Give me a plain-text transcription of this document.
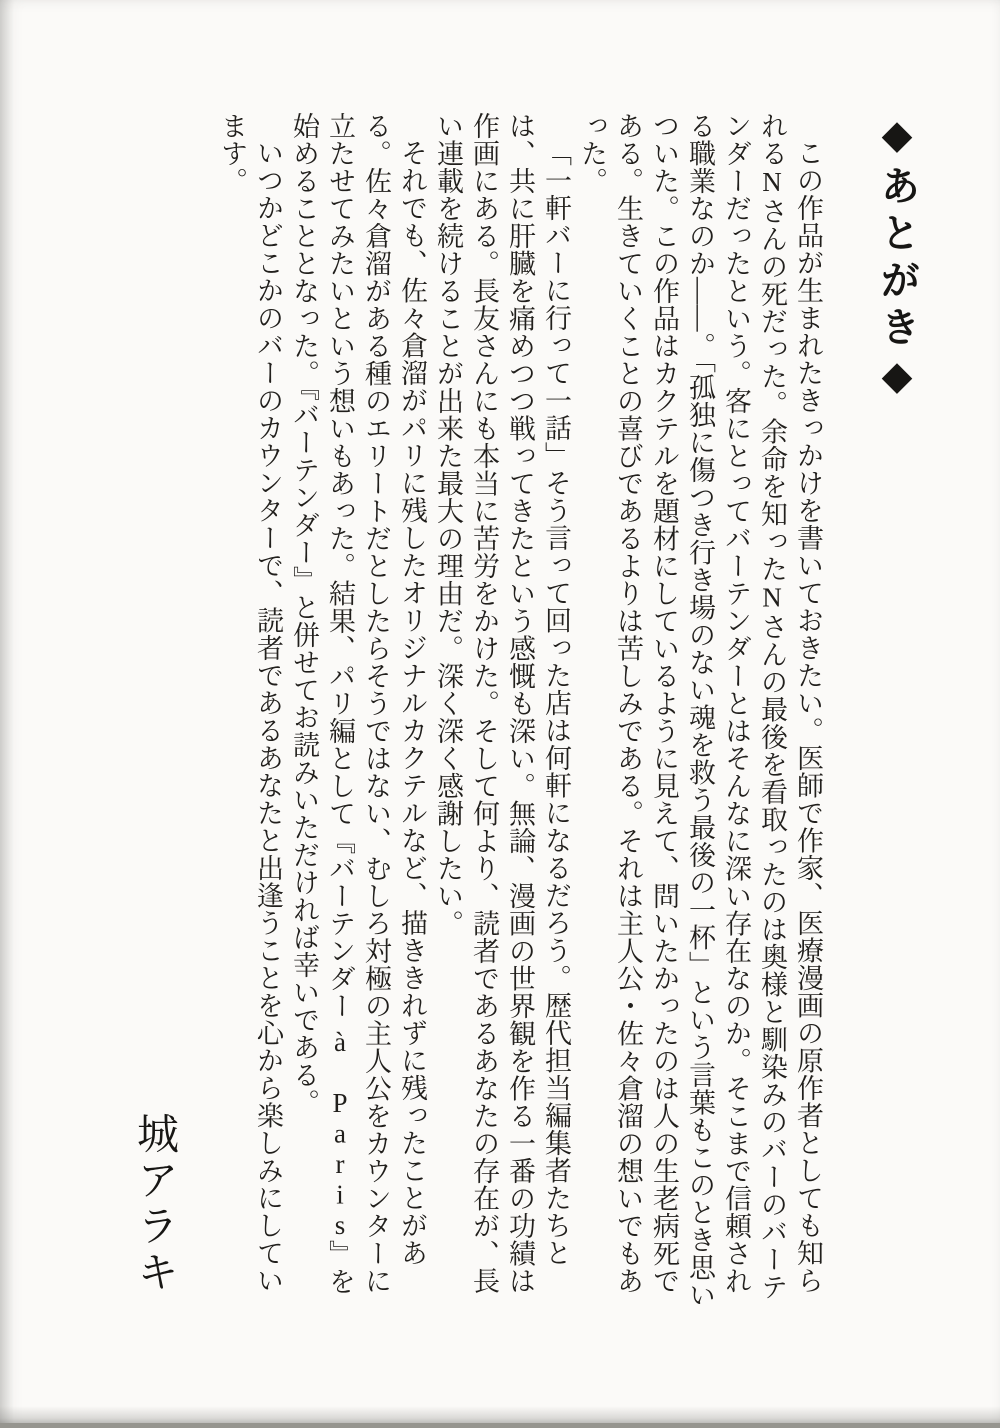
◆あとがき◆

この作品が生まれたきっかけを書いておきたい。医師で作家、医療漫画の原作者としても知られるNさんの死だった。余命を知ったNさんの最後を看取ったのは奥様と馴染みのバーのバーテンダーだったという。客にとってバーテンダーとはそんなに深い存在なのか。そこまで信頼される職業なのか――。「孤独に傷つき行き場のない魂を救う最後の一杯」という言葉もこのとき思いついた。この作品はカクテルを題材にしているように見えて、問いたかったのは人の生老病死である。生きていくことの喜びであるよりは苦しみである。それは主人公・佐々倉溜の想いでもあった。

「一軒バーに行って一話」そう言って回った店は何軒になるだろう。歴代担当編集者たちとは、共に肝臓を痛めつつ戦ってきたという感慨も深い。無論、漫画の世界観を作る一番の功績は作画にある。長友さんにも本当に苦労をかけた。そして何より、読者であるあなたの存在が、長い連載を続けることが出来た最大の理由だ。深く深く感謝したい。

それでも、佐々倉溜がパリに残したオリジナルカクテルなど、描ききれずに残ったことがある。佐々倉溜がある種のエリートだとしたらそうではない、むしろ対極の主人公をカウンターに立たせてみたいという想いもあった。結果、パリ編として『バーテンダー à Paris』を始めることとなった。『バーテンダー』と併せてお読みいただければ幸いである。

いつかどこかのバーのカウンターで、読者であるあなたと出逢うことを心から楽しみにしています。

城アラキ
